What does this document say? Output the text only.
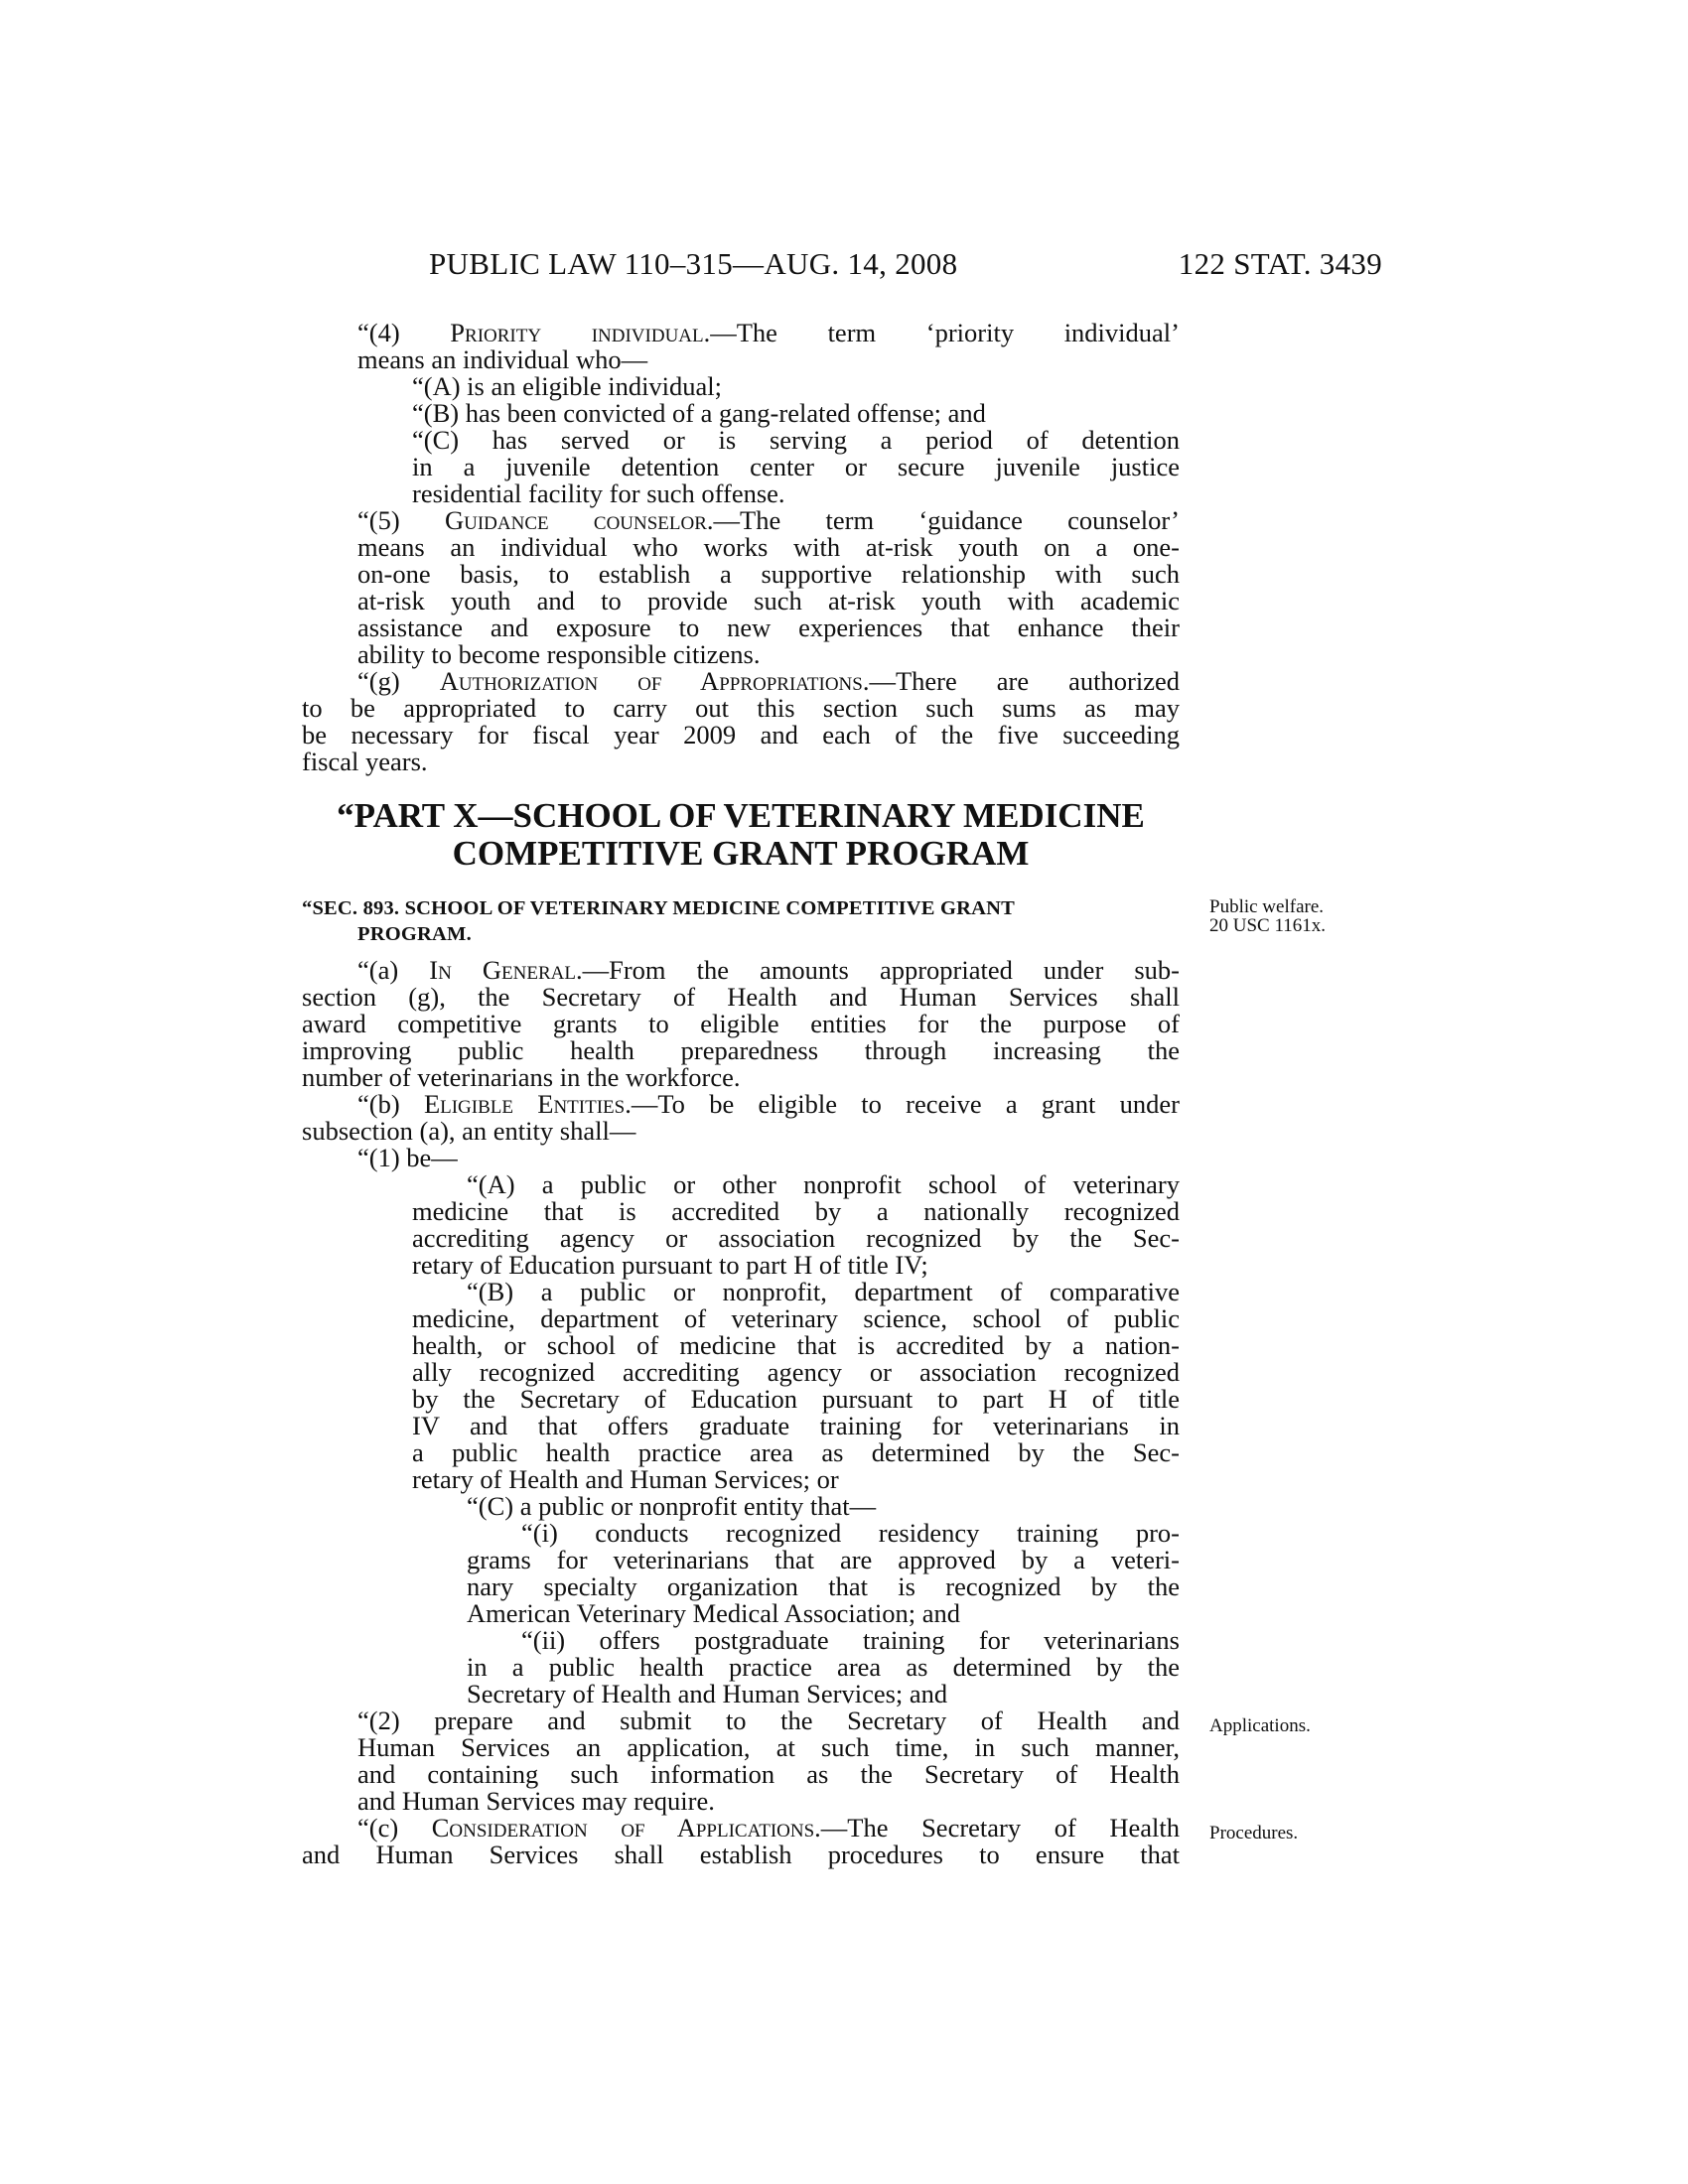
PUBLIC LAW 110–315—AUG. 14, 2008	122 STAT. 3439
“(4) Priority individual.—The term ‘priority individual’
means an individual who—
“(A) is an eligible individual;
“(B) has been convicted of a gang-related offense; and
“(C) has served or is serving a period of detention
in a juvenile detention center or secure juvenile justice
residential facility for such offense.
“(5) Guidance counselor.—The term ‘guidance counselor’
means an individual who works with at-risk youth on a one-
on-one basis, to establish a supportive relationship with such
at-risk youth and to provide such at-risk youth with academic
assistance and exposure to new experiences that enhance their
ability to become responsible citizens.
“(g) Authorization of Appropriations.—There are authorized
to be appropriated to carry out this section such sums as may
be necessary for fiscal year 2009 and each of the five succeeding
fiscal years.
“PART X—SCHOOL OF VETERINARY MEDICINE
COMPETITIVE GRANT PROGRAM
“SEC. 893. SCHOOL OF VETERINARY MEDICINE COMPETITIVE GRANT
PROGRAM.
Public welfare.
20 USC 1161x.
“(a) In General.—From the amounts appropriated under sub-
section (g), the Secretary of Health and Human Services shall
award competitive grants to eligible entities for the purpose of
improving public health preparedness through increasing the
number of veterinarians in the workforce.
“(b) Eligible Entities.—To be eligible to receive a grant under
subsection (a), an entity shall—
“(1) be—
“(A) a public or other nonprofit school of veterinary
medicine that is accredited by a nationally recognized
accrediting agency or association recognized by the Sec-
retary of Education pursuant to part H of title IV;
“(B) a public or nonprofit, department of comparative
medicine, department of veterinary science, school of public
health, or school of medicine that is accredited by a nation-
ally recognized accrediting agency or association recognized
by the Secretary of Education pursuant to part H of title
IV and that offers graduate training for veterinarians in
a public health practice area as determined by the Sec-
retary of Health and Human Services; or
“(C) a public or nonprofit entity that—
“(i) conducts recognized residency training pro-
grams for veterinarians that are approved by a veteri-
nary specialty organization that is recognized by the
American Veterinary Medical Association; and
“(ii) offers postgraduate training for veterinarians
in a public health practice area as determined by the
Secretary of Health and Human Services; and
“(2) prepare and submit to the Secretary of Health and
Human Services an application, at such time, in such manner,
and containing such information as the Secretary of Health
and Human Services may require.
Applications.
“(c) Consideration of Applications.—The Secretary of Health
and Human Services shall establish procedures to ensure that
Procedures.
